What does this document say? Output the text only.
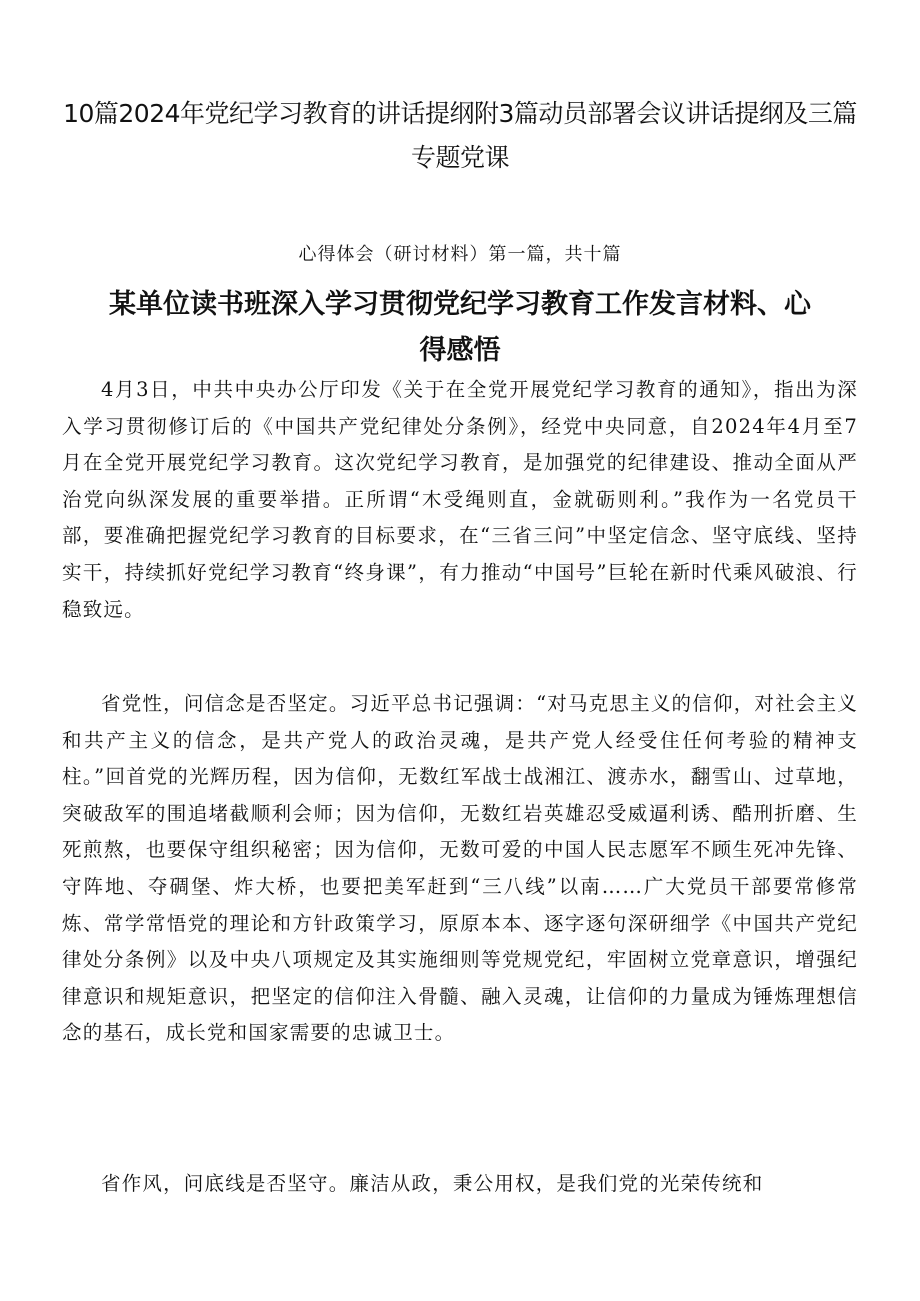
10篇2024年党纪学习教育的讲话提纲附3篇动员部署会议讲话提纲及三篇专题党课
心得体会（研讨材料）第一篇，共十篇
某单位读书班深入学习贯彻党纪学习教育工作发言材料、心得感悟

4月3日，中共中央办公厅印发《关于在全党开展党纪学习教育的通知》，指出为深入学习贯彻修订后的《中国共产党纪律处分条例》，经党中央同意，自2024年4月至7月在全党开展党纪学习教育。这次党纪学习教育，是加强党的纪律建设、推动全面从严治党向纵深发展的重要举措。正所谓“木受绳则直，金就砺则利。”我作为一名党员干部，要准确把握党纪学习教育的目标要求，在“三省三问”中坚定信念、坚守底线、坚持实干，持续抓好党纪学习教育“终身课”，有力推动“中国号”巨轮在新时代乘风破浪、行稳致远。

省党性，问信念是否坚定。习近平总书记强调：“对马克思主义的信仰，对社会主义和共产主义的信念，是共产党人的政治灵魂，是共产党人经受住任何考验的精神支柱。”回首党的光辉历程，因为信仰，无数红军战士战湘江、渡赤水，翻雪山、过草地，突破敌军的围追堵截顺利会师；因为信仰，无数红岩英雄忍受威逼利诱、酷刑折磨、生死煎熬，也要保守组织秘密；因为信仰，无数可爱的中国人民志愿军不顾生死冲先锋、守阵地、夺碉堡、炸大桥，也要把美军赶到“三八线”以南……广大党员干部要常修常炼、常学常悟党的理论和方针政策学习，原原本本、逐字逐句深研细学《中国共产党纪律处分条例》以及中央八项规定及其实施细则等党规党纪，牢固树立党章意识，增强纪律意识和规矩意识，把坚定的信仰注入骨髓、融入灵魂，让信仰的力量成为锤炼理想信念的基石，成长党和国家需要的忠诚卫士。

省作风，问底线是否坚守。廉洁从政，秉公用权，是我们党的光荣传统和
